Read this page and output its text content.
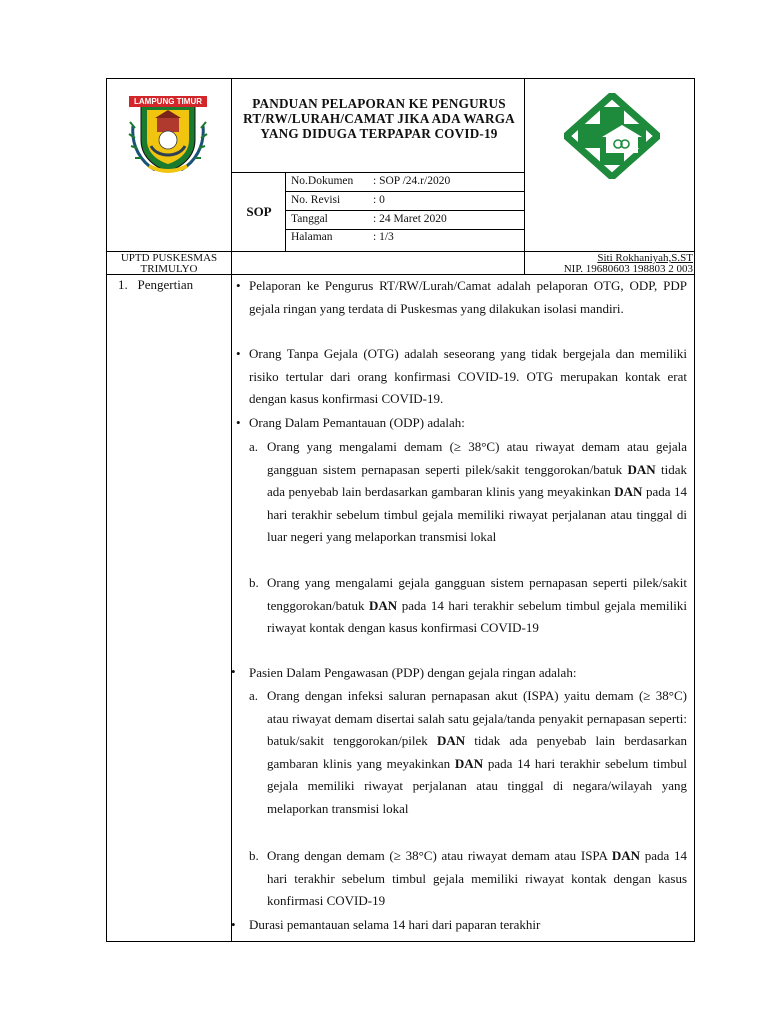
LAMPUNG TIMUR	PANDUAN PELAPORAN KE PENGURUS RT/RW/LURAH/CAMAT JIKA ADA WARGA YANG DIDUGA TERPAPAR COVID-19
SOP
No.Dokumen : SOP /24.r/2020
No. Revisi	: 0
Tanggal	: 24 Maret 2020
Halaman	: 1/3
UPTD PUSKESMAS
TRIMULYO
Siti Rokhaniyah,S.ST
NIP. 19680603 198803 2 003
1.   Pengertian	• Pelaporan ke Pengurus RT/RW/Lurah/Camat adalah pelaporan OTG, ODP, PDP gejala ringan yang terdata di Puskesmas yang dilakukan isolasi mandiri.
• Orang Tanpa Gejala (OTG) adalah seseorang yang tidak bergejala dan memiliki risiko tertular dari orang konfirmasi COVID-19. OTG merupakan kontak erat dengan kasus konfirmasi COVID-19.
• Orang Dalam Pemantauan (ODP) adalah:
a. Orang yang mengalami demam (≥ 38°C) atau riwayat demam atau gejala gangguan sistem pernapasan seperti pilek/sakit tenggorokan/batuk DAN tidak ada penyebab lain berdasarkan gambaran klinis yang meyakinkan DAN pada 14 hari terakhir sebelum timbul gejala memiliki riwayat perjalanan atau tinggal di luar negeri yang melaporkan transmisi lokal
b. Orang yang mengalami gejala gangguan sistem pernapasan seperti pilek/sakit tenggorokan/batuk DAN pada 14 hari terakhir sebelum timbul gejala memiliki riwayat kontak dengan kasus konfirmasi COVID-19
• Pasien Dalam Pengawasan (PDP) dengan gejala ringan adalah:
a. Orang dengan infeksi saluran pernapasan akut (ISPA) yaitu demam (≥ 38°C) atau riwayat demam disertai salah satu gejala/tanda penyakit pernapasan seperti: batuk/sakit tenggorokan/pilek DAN tidak ada penyebab lain berdasarkan gambaran klinis yang meyakinkan DAN pada 14 hari terakhir sebelum timbul gejala memiliki riwayat perjalanan atau tinggal di negara/wilayah yang melaporkan transmisi lokal
b. Orang dengan demam (≥ 38°C) atau riwayat demam atau ISPA DAN pada 14 hari terakhir sebelum timbul gejala memiliki riwayat kontak dengan kasus konfirmasi COVID-19
• Durasi pemantauan selama 14 hari dari paparan terakhir
